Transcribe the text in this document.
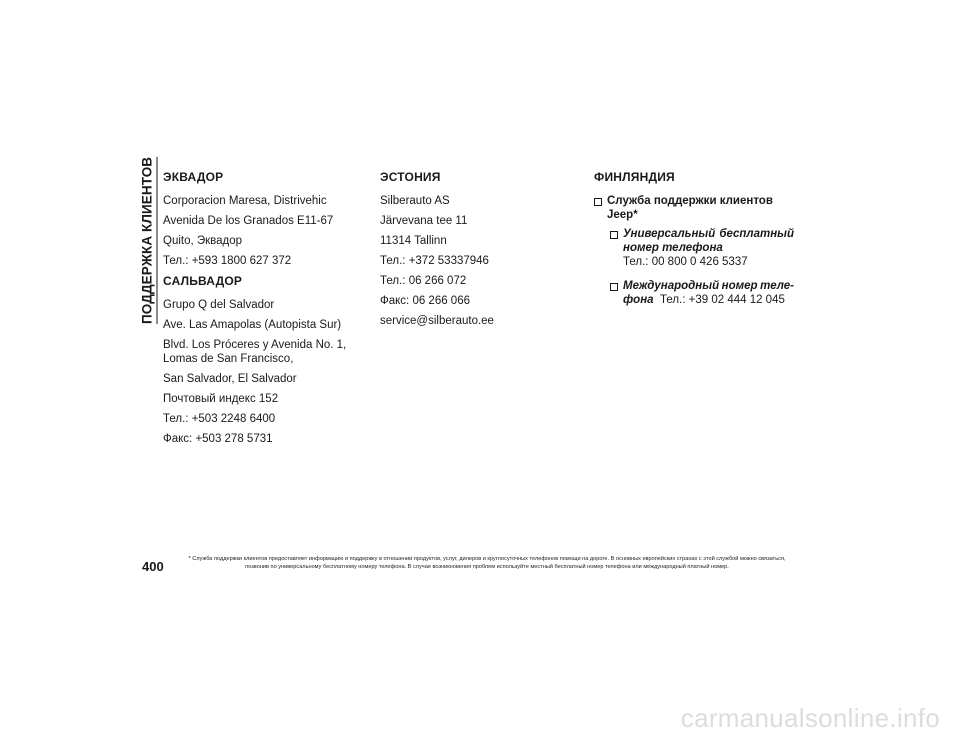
ПОДДЕРЖКА КЛИЕНТОВ ЭКВАДОР
Corporacion Maresa, Distrivehic
Avenida De los Granados E11-67
Quito, Эквадор
Тел.: +593 1800 627 372
САЛЬВАДОР
Grupo Q del Salvador
Ave. Las Amapolas (Autopista Sur)
Blvd. Los Próceres y Avenida No. 1, Lomas de San Francisco,
San Salvador, El Salvador
Почтовый индекс 152
Тел.: +503 2248 6400
Факс: +503 278 5731
ЭСТОНИЯ
Silberauto AS
Järvevana tee 11
11314 Tallinn
Тел.: +372 53337946
Тел.: 06 266 072
Факс: 06 266 066
service@silberauto.ee
ФИНЛЯНДИЯ
Служба поддержки клиентов Jeep*
Универсальный бесплатный
номер телефона
Тел.: 00 800 0 426 5337
Международный номер теле-
фона Тел.: +39 02 444 12 045
400	* Служба поддержки клиентов предоставляет информацию и поддержку в отношении продуктов, услуг, дилеров и круглосуточных телефонов помощи на дороге. В основных европейских странах с этой службой можно связаться, позвонив по универсальному бесплатному номеру телефона. В случае возникновения проблем используйте местный бесплатный номер телефона или международный платный номер.
carmanualsonline.info
